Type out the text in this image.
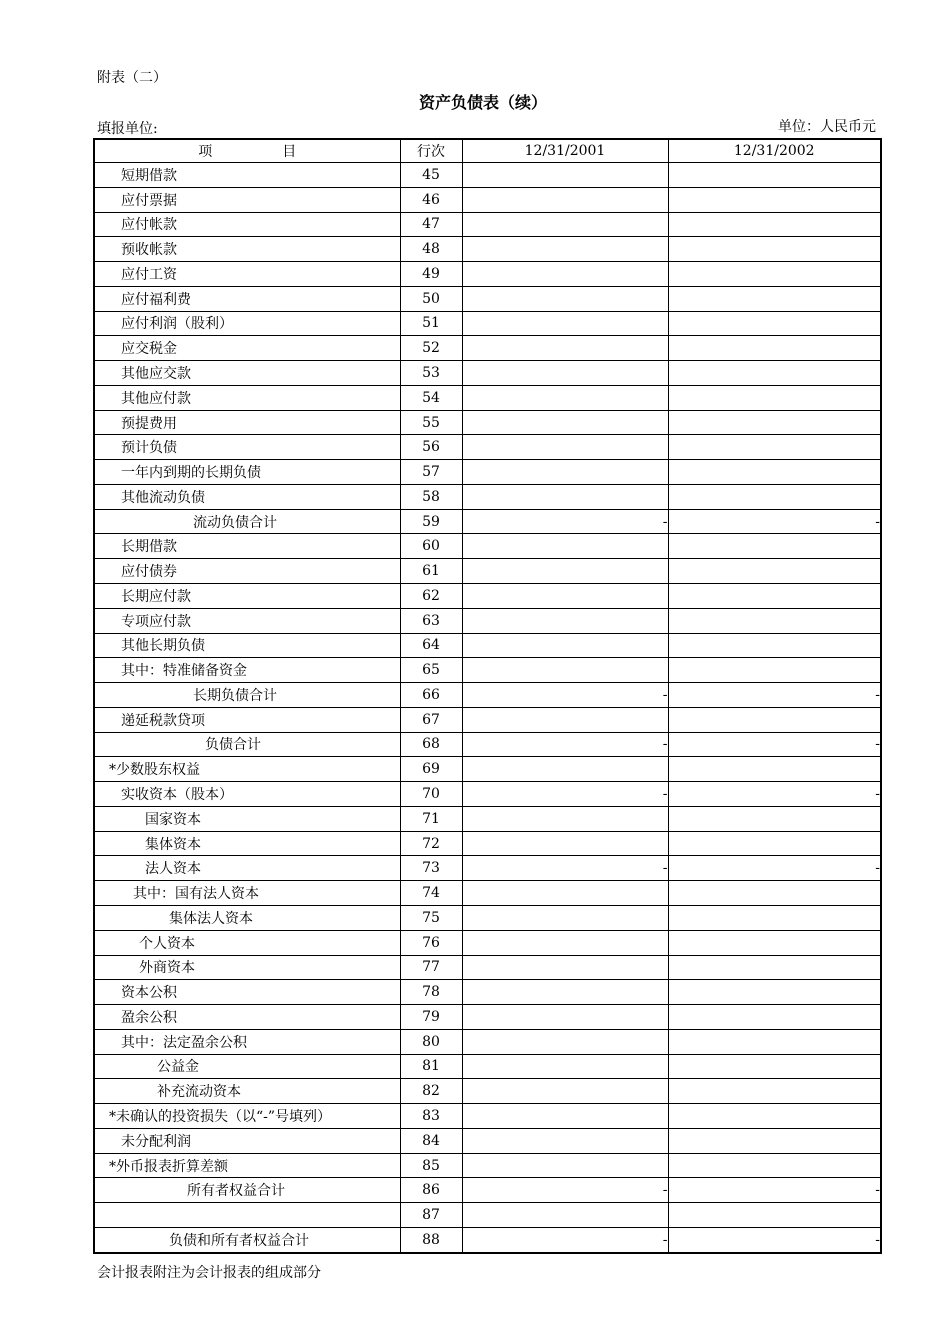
附表（二）
资产负债表（续）
填报单位:	单位：人民币元
项 目	行次	12/31/2001	12/31/2002
短期借款	45		
应付票据	46		
应付帐款	47		
预收帐款	48		
应付工资	49		
应付福利费	50		
应付利润（股利）	51		
应交税金	52		
其他应交款	53		
其他应付款	54		
预提费用	55		
预计负债	56		
一年内到期的长期负债	57		
其他流动负债	58		
流动负债合计	59	-	-
长期借款	60		
应付债券	61		
长期应付款	62		
专项应付款	63		
其他长期负债	64		
其中：特准储备资金	65		
长期负债合计	66	-	-
递延税款贷项	67		
负债合计	68	-	-
*少数股东权益	69		
实收资本（股本）	70	-	-
国家资本	71		
集体资本	72		
法人资本	73	-	-
其中：国有法人资本	74		
集体法人资本	75		
个人资本	76		
外商资本	77		
资本公积	78		
盈余公积	79		
其中：法定盈余公积	80		
公益金	81		
补充流动资本	82		
*未确认的投资损失（以“-”号填列）	83		
未分配利润	84		
*外币报表折算差额	85		
所有者权益合计	86	-	-
	87		
负债和所有者权益合计	88	-	-
会计报表附注为会计报表的组成部分
